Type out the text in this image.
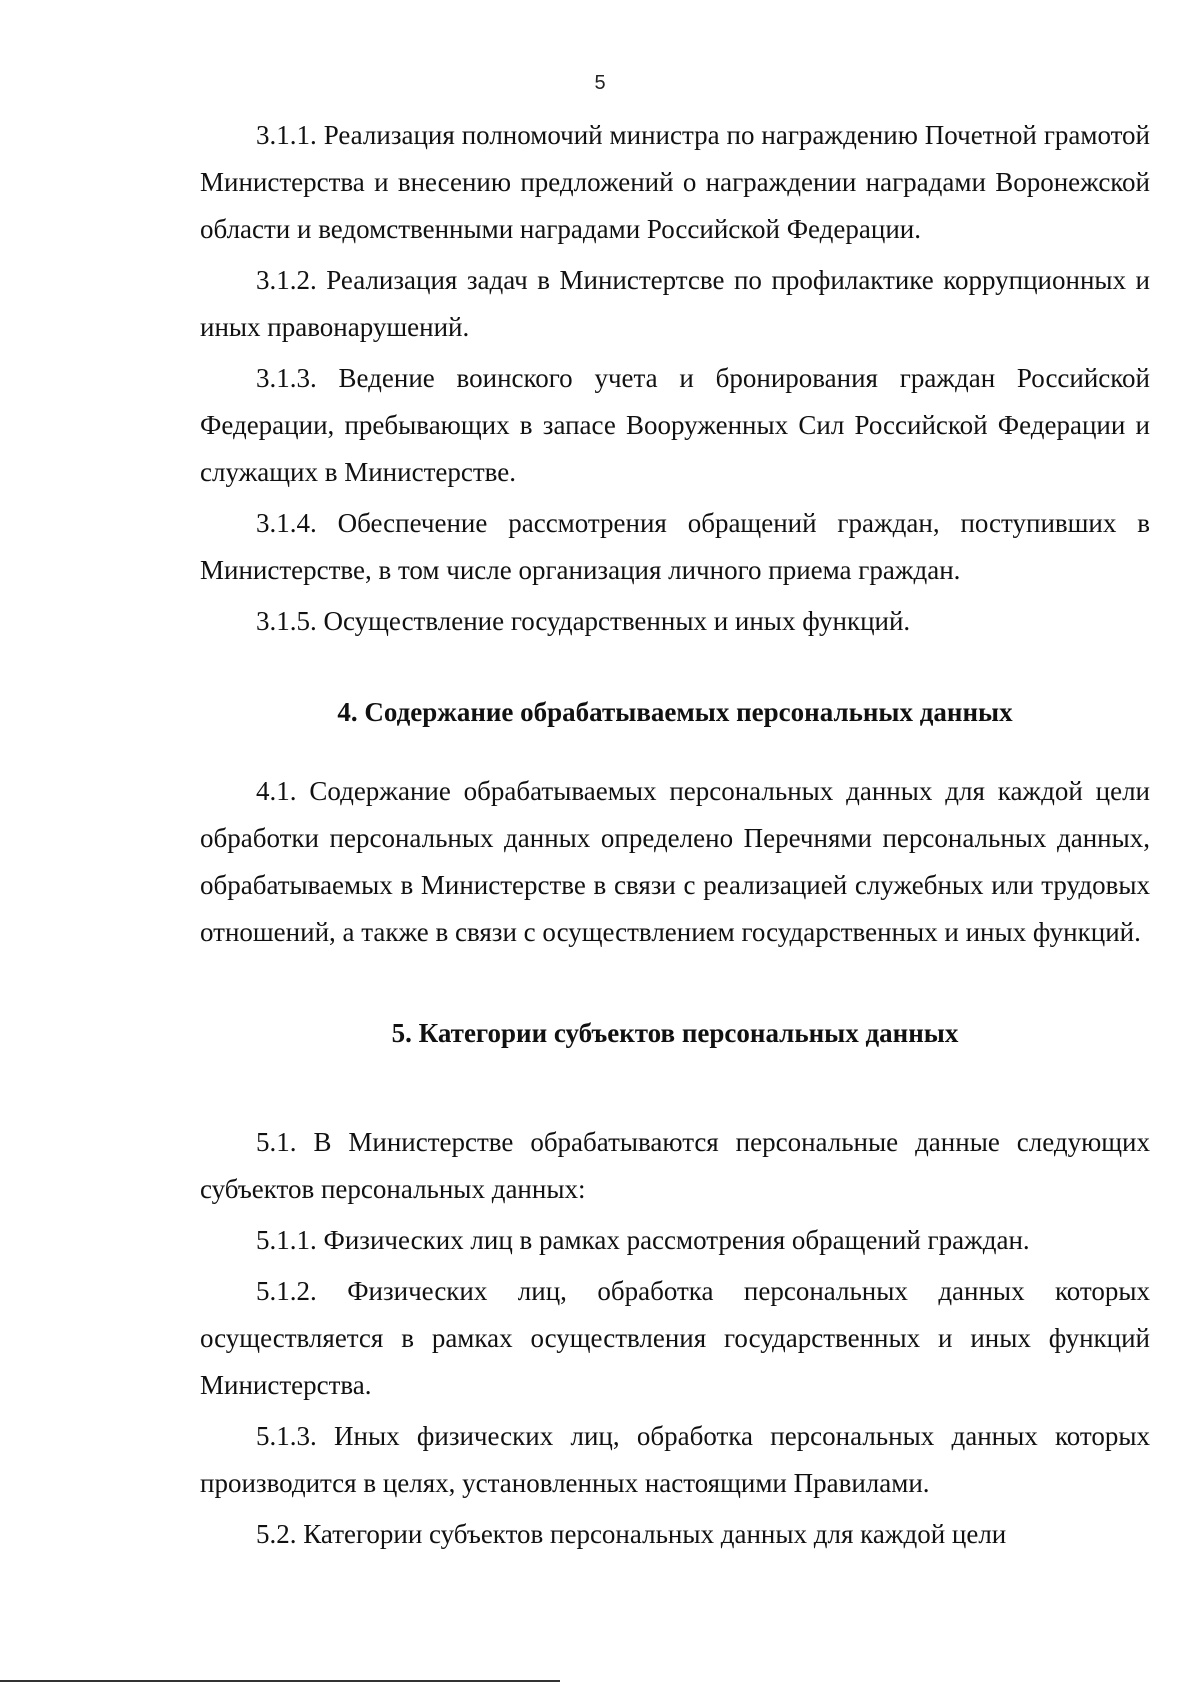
5

3.1.1. Реализация полномочий министра по награждению Почетной грамотой Министерства и внесению предложений о награждении наградами Воронежской области и ведомственными наградами Российской Федерации.

3.1.2. Реализация задач в Министертсве по профилактике коррупционных и иных правонарушений.

3.1.3. Ведение воинского учета и бронирования граждан Российской Федерации, пребывающих в запасе Вооруженных Сил Российской Федерации и служащих в Министерстве.

3.1.4. Обеспечение рассмотрения обращений граждан, поступивших в Министерстве, в том числе организация личного приема граждан.

3.1.5. Осуществление государственных и иных функций.

4. Содержание обрабатываемых персональных данных

4.1. Содержание обрабатываемых персональных данных для каждой цели обработки персональных данных определено Перечнями персональных данных, обрабатываемых в Министерстве в связи с реализацией служебных или трудовых отношений, а также в связи с осуществлением государственных и иных функций.

5. Категории субъектов персональных данных

5.1. В Министерстве обрабатываются персональные данные следующих субъектов персональных данных:

5.1.1. Физических лиц в рамках рассмотрения обращений граждан.

5.1.2. Физических лиц, обработка персональных данных которых осуществляется в рамках осуществления государственных и иных функций Министерства.

5.1.3. Иных физических лиц, обработка персональных данных которых производится в целях, установленных настоящими Правилами.

5.2. Категории субъектов персональных данных для каждой цели
